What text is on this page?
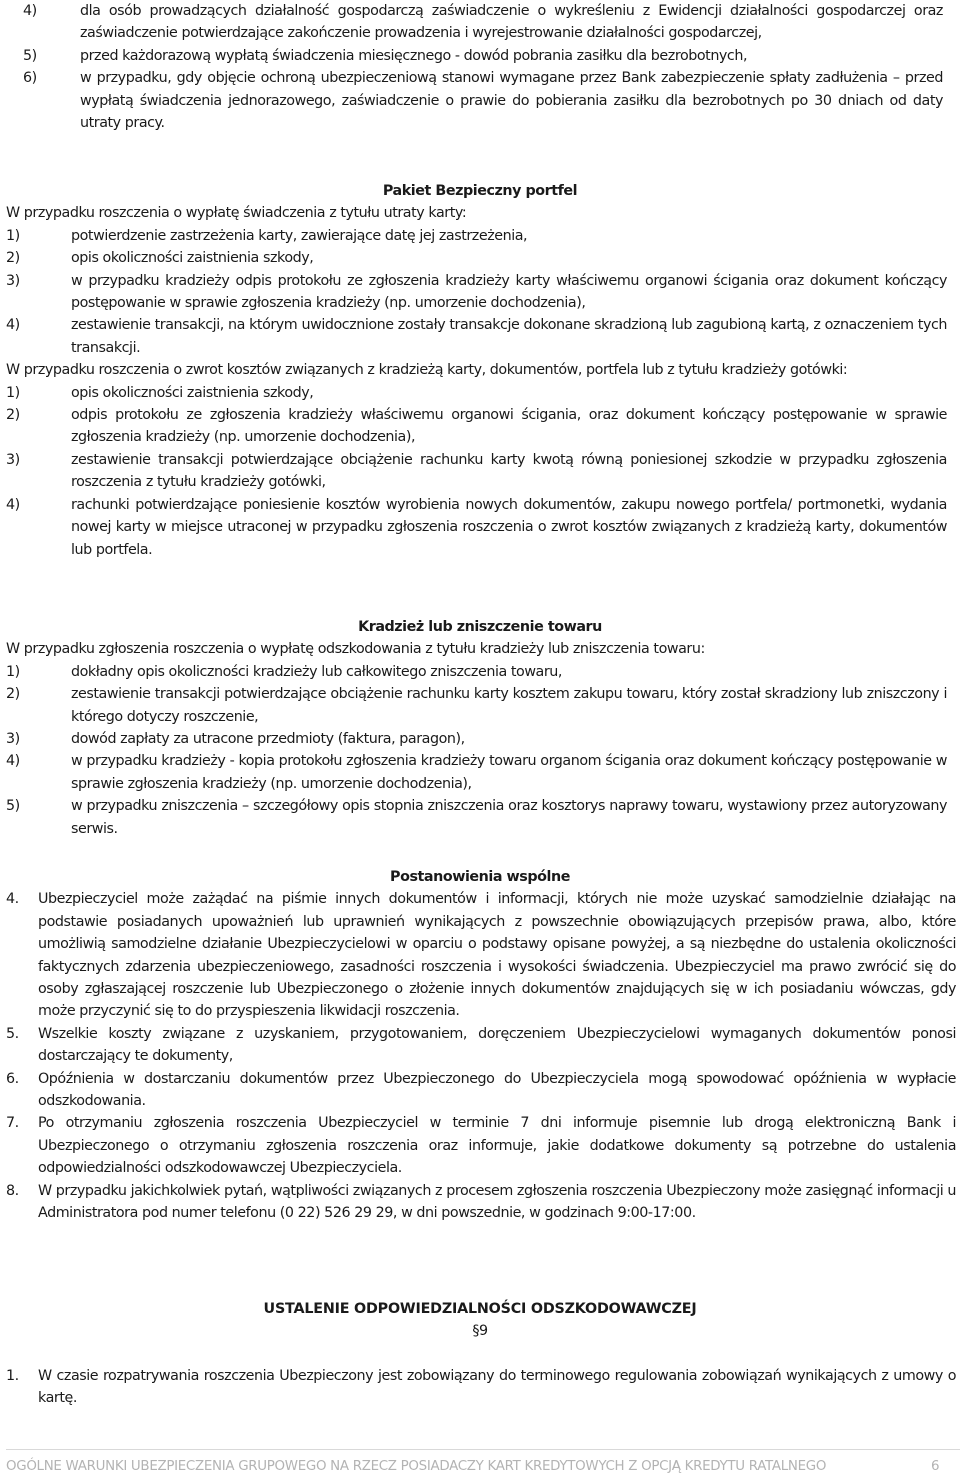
4)	dla osób prowadzących działalność gospodarczą zaświadczenie o wykreśleniu z Ewidencji działalności gospodarczej oraz zaświadczenie potwierdzające zakończenie prowadzenia i wyrejestrowanie działalności gospodarczej,
5)	przed każdorazową wypłatą świadczenia miesięcznego - dowód pobrania zasiłku dla bezrobotnych,
6)	w przypadku, gdy objęcie ochroną ubezpieczeniową stanowi wymagane przez Bank zabezpieczenie spłaty zadłużenia – przed wypłatą świadczenia jednorazowego, zaświadczenie o prawie do pobierania zasiłku dla bezrobotnych po 30 dniach od daty utraty pracy.
Pakiet Bezpieczny portfel
W przypadku roszczenia o wypłatę świadczenia z tytułu utraty karty:
1)	potwierdzenie zastrzeżenia karty, zawierające datę jej zastrzeżenia,
2)	opis okoliczności zaistnienia szkody,
3)	w przypadku kradzieży odpis protokołu ze zgłoszenia kradzieży karty właściwemu organowi ścigania oraz dokument kończący postępowanie w sprawie zgłoszenia kradzieży (np. umorzenie dochodzenia),
4)	zestawienie transakcji, na którym uwidocznione zostały transakcje dokonane skradzioną lub zagubioną kartą, z oznaczeniem tych transakcji.
W przypadku roszczenia o zwrot kosztów związanych z kradzieżą karty, dokumentów, portfela lub z tytułu kradzieży gotówki:
1)	opis okoliczności zaistnienia szkody,
2)	odpis protokołu ze zgłoszenia kradzieży właściwemu organowi ścigania, oraz dokument kończący postępowanie w sprawie zgłoszenia kradzieży (np. umorzenie dochodzenia),
3)	zestawienie transakcji potwierdzające obciążenie rachunku karty kwotą równą poniesionej szkodzie w przypadku zgłoszenia roszczenia z tytułu kradzieży gotówki,
4)	rachunki potwierdzające poniesienie kosztów wyrobienia nowych dokumentów, zakupu nowego portfela/ portmonetki, wydania nowej karty w miejsce utraconej w przypadku zgłoszenia roszczenia o zwrot kosztów związanych z kradzieżą karty, dokumentów lub portfela.
Kradzież lub zniszczenie towaru
W przypadku zgłoszenia roszczenia o wypłatę odszkodowania z tytułu kradzieży lub zniszczenia towaru:
1)	dokładny opis okoliczności kradzieży lub całkowitego zniszczenia towaru,
2)	zestawienie transakcji potwierdzające obciążenie rachunku karty kosztem zakupu towaru, który został skradziony lub zniszczony i którego dotyczy roszczenie,
3)	dowód zapłaty za utracone przedmioty (faktura, paragon),
4)	w przypadku kradzieży - kopia protokołu zgłoszenia kradzieży towaru organom ścigania oraz dokument kończący postępowanie w sprawie zgłoszenia kradzieży (np. umorzenie dochodzenia),
5)	w przypadku zniszczenia – szczegółowy opis stopnia zniszczenia oraz kosztorys naprawy towaru, wystawiony przez autoryzowany serwis.
Postanowienia wspólne
4. Ubezpieczyciel może zażądać na piśmie innych dokumentów i informacji, których nie może uzyskać samodzielnie działając na podstawie posiadanych upoważnień lub uprawnień wynikających z powszechnie obowiązujących przepisów prawa, albo, które umożliwią samodzielne działanie Ubezpieczycielowi w oparciu o podstawy opisane powyżej, a są niezbędne do ustalenia okoliczności faktycznych zdarzenia ubezpieczeniowego, zasadności roszczenia i wysokości świadczenia. Ubezpieczyciel ma prawo zwrócić się do osoby zgłaszającej roszczenie lub Ubezpieczonego o złożenie innych dokumentów znajdujących się w ich posiadaniu wówczas, gdy może przyczynić się to do przyspieszenia likwidacji roszczenia.
5. Wszelkie koszty związane z uzyskaniem, przygotowaniem, doręczeniem Ubezpieczycielowi wymaganych dokumentów ponosi dostarczający te dokumenty,
6. Opóźnienia w dostarczaniu dokumentów przez Ubezpieczonego do Ubezpieczyciela mogą spowodować opóźnienia w wypłacie odszkodowania.
7. Po otrzymaniu zgłoszenia roszczenia Ubezpieczyciel w terminie 7 dni informuje pisemnie lub drogą elektroniczną Bank i Ubezpieczonego o otrzymaniu zgłoszenia roszczenia oraz informuje, jakie dodatkowe dokumenty są potrzebne do ustalenia odpowiedzialności odszkodowawczej Ubezpieczyciela.
8. W przypadku jakichkolwiek pytań, wątpliwości związanych z procesem zgłoszenia roszczenia Ubezpieczony może zasięgnąć informacji u Administratora pod numer telefonu (0 22) 526 29 29, w dni powszednie, w godzinach 9:00-17:00.
USTALENIE ODPOWIEDZIALNOŚCI ODSZKODOWAWCZEJ
§9
1. W czasie rozpatrywania roszczenia Ubezpieczony jest zobowiązany do terminowego regulowania zobowiązań wynikających z umowy o kartę.
OGÓLNE WARUNKI UBEZPIECZENIA GRUPOWEGO NA RZECZ POSIADACZY KART KREDYTOWYCH Z OPCJĄ KREDYTU RATALNEGO	6
